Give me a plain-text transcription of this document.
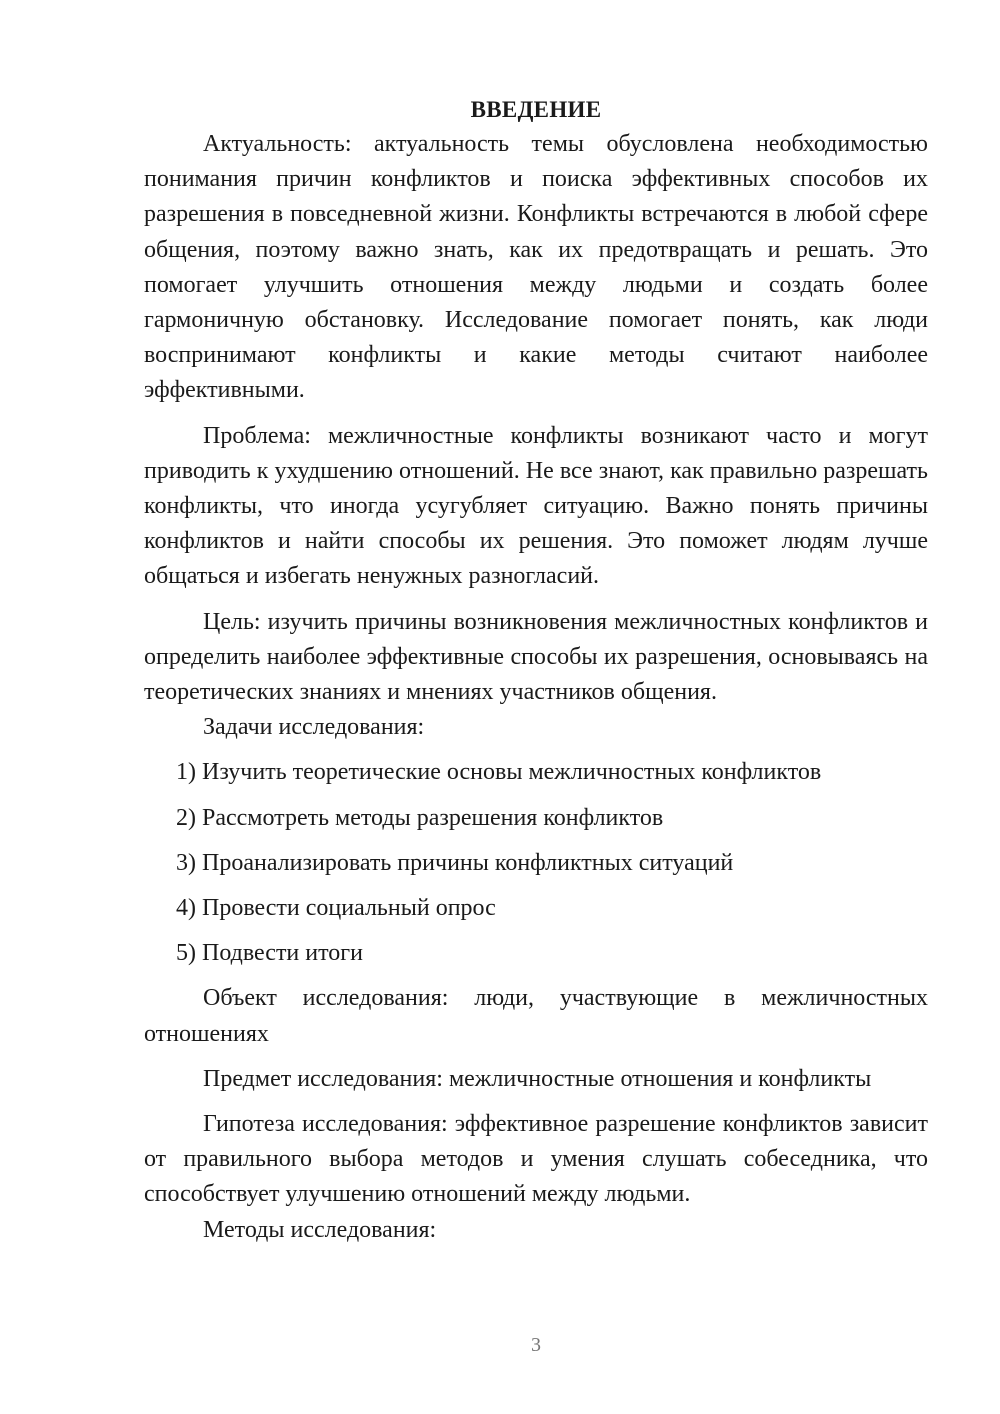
ВВЕДЕНИЕ

Актуальность: актуальность темы обусловлена необходимостью понимания причин конфликтов и поиска эффективных способов их разрешения в повседневной жизни. Конфликты встречаются в любой сфере общения, поэтому важно знать, как их предотвращать и решать. Это помогает улучшить отношения между людьми и создать более гармоничную обстановку. Исследование помогает понять, как люди воспринимают конфликты и какие методы считают наиболее эффективными.

Проблема: межличностные конфликты возникают часто и могут приводить к ухудшению отношений. Не все знают, как правильно разрешать конфликты, что иногда усугубляет ситуацию. Важно понять причины конфликтов и найти способы их решения. Это поможет людям лучше общаться и избегать ненужных разногласий.

Цель: изучить причины возникновения межличностных конфликтов и определить наиболее эффективные способы их разрешения, основываясь на теоретических знаниях и мнениях участников общения.

Задачи исследования:

1) Изучить теоретические основы межличностных конфликтов

2) Рассмотреть методы разрешения конфликтов

3) Проанализировать причины конфликтных ситуаций

4) Провести социальный опрос

5) Подвести итоги

Объект исследования: люди, участвующие в межличностных отношениях

Предмет исследования: межличностные отношения и конфликты

Гипотеза исследования: эффективное разрешение конфликтов зависит от правильного выбора методов и умения слушать собеседника, что способствует улучшению отношений между людьми.

Методы исследования:

3
